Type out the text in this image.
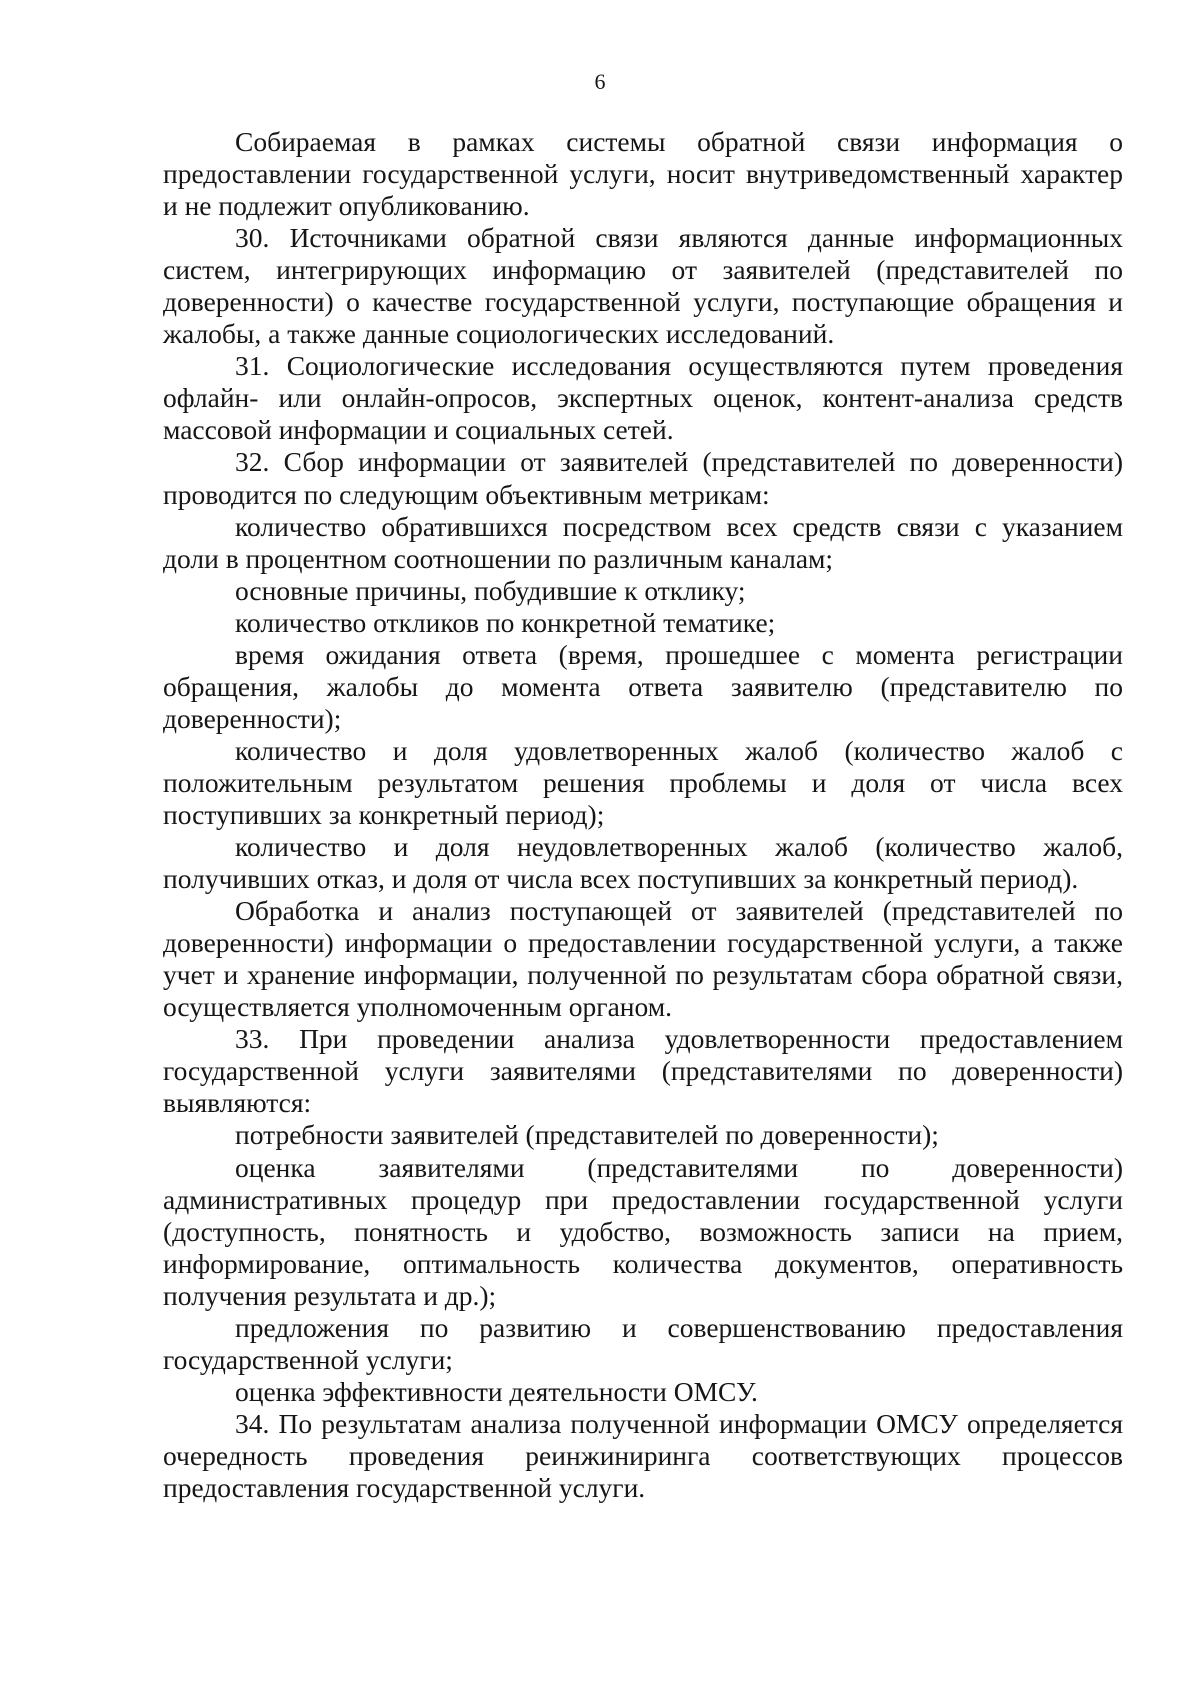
6

Собираемая в рамках системы обратной связи информация о предоставлении государственной услуги, носит внутриведомственный характер и не подлежит опубликованию.

30. Источниками обратной связи являются данные информационных систем, интегрирующих информацию от заявителей (представителей по доверенности) о качестве государственной услуги, поступающие обращения и жалобы, а также данные социологических исследований.

31. Социологические исследования осуществляются путем проведения офлайн- или онлайн-опросов, экспертных оценок, контент-анализа средств массовой информации и социальных сетей.

32. Сбор информации от заявителей (представителей по доверенности) проводится по следующим объективным метрикам:

количество обратившихся посредством всех средств связи с указанием доли в процентном соотношении по различным каналам;

основные причины, побудившие к отклику;

количество откликов по конкретной тематике;

время ожидания ответа (время, прошедшее с момента регистрации обращения, жалобы до момента ответа заявителю (представителю по доверенности);

количество и доля удовлетворенных жалоб (количество жалоб с положительным результатом решения проблемы и доля от числа всех поступивших за конкретный период);

количество и доля неудовлетворенных жалоб (количество жалоб, получивших отказ, и доля от числа всех поступивших за конкретный период).

Обработка и анализ поступающей от заявителей (представителей по доверенности) информации о предоставлении государственной услуги, а также учет и хранение информации, полученной по результатам сбора обратной связи, осуществляется уполномоченным органом.

33. При проведении анализа удовлетворенности предоставлением государственной услуги заявителями (представителями по доверенности) выявляются:

потребности заявителей (представителей по доверенности);

оценка заявителями (представителями по доверенности) административных процедур при предоставлении государственной услуги (доступность, понятность и удобство, возможность записи на прием, информирование, оптимальность количества документов, оперативность получения результата и др.);

предложения по развитию и совершенствованию предоставления государственной услуги;

оценка эффективности деятельности ОМСУ.

34. По результатам анализа полученной информации ОМСУ определяется очередность проведения реинжиниринга соответствующих процессов предоставления государственной услуги.
